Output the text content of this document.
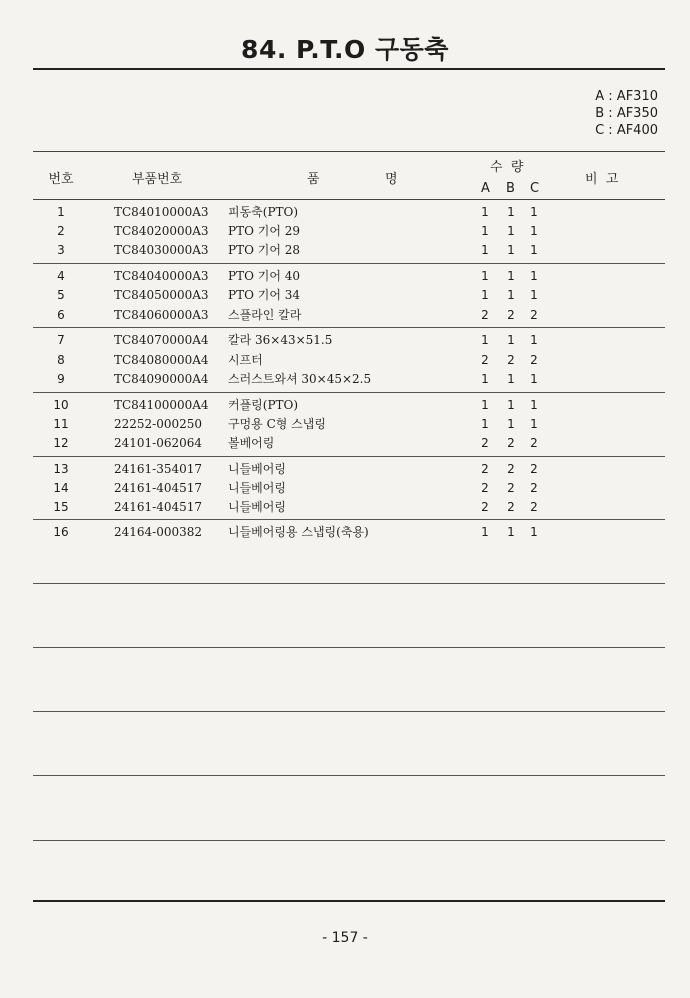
84. P.T.O 구동축
A : AF310
B : AF350
C : AF400
번호	부품번호	품	명
수  량
A B C
비  고
1	TC84010000A3	피동축(PTO)	1	1	1
2	TC84020000A3	PTO 기어 29	1	1	1
3	TC84030000A3	PTO 기어 28	1	1	1
4	TC84040000A3	PTO 기어 40	1	1	1
5	TC84050000A3	PTO 기어 34	1	1	1
6	TC84060000A3	스플라인 칼라	2	2	2
7	TC84070000A4	칼라 36×43×51.5	1	1	1
8	TC84080000A4	시프터	2	2	2
9	TC84090000A4	스러스트와셔 30×45×2.5	1	1	1
10	TC84100000A4	커플링(PTO)	1	1	1
11	22252-000250	구멍용 C형 스냅링	1	1	1
12	24101-062064	볼베어링	2	2	2
13	24161-354017	니들베어링	2	2	2
14	24161-404517	니들베어링	2	2	2
15	24161-404517	니들베어링	2	2	2
16	24164-000382	니들베어링용 스냅링(축용)	1	1	1
- 157 -
